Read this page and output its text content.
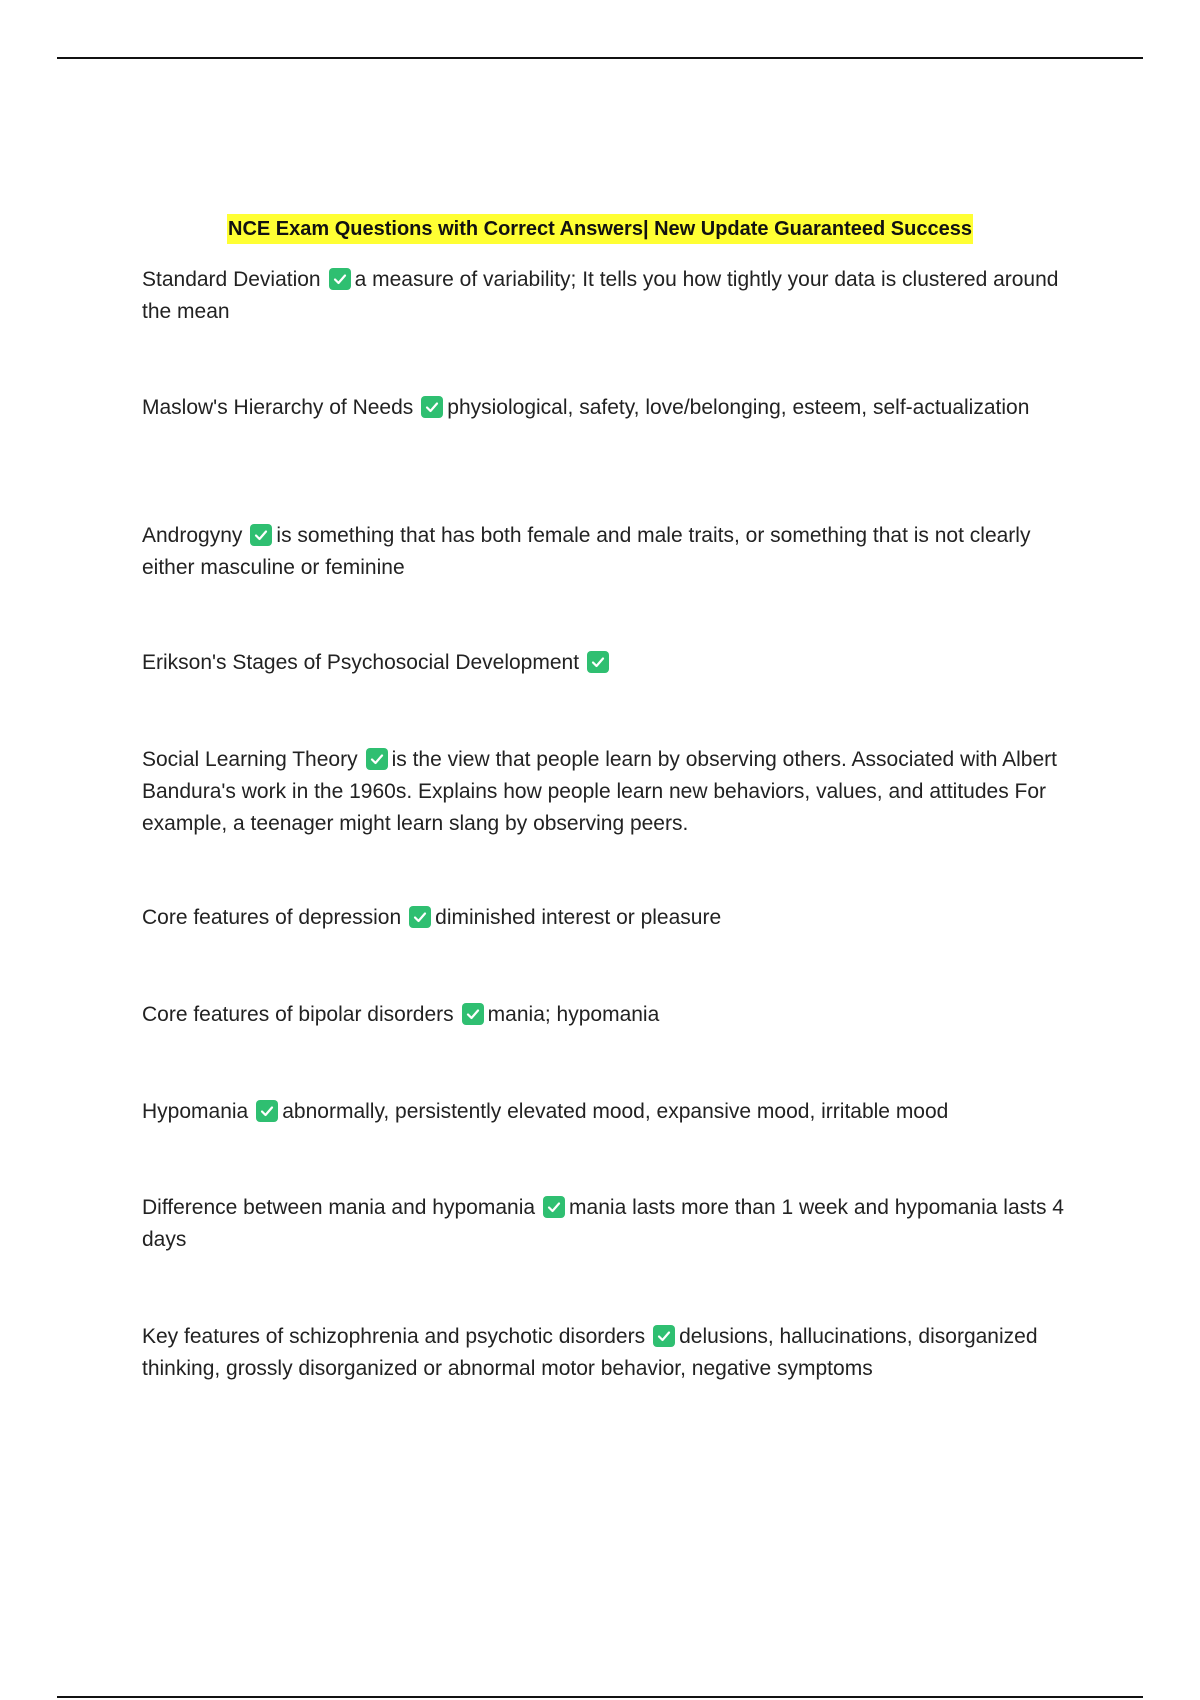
NCE Exam Questions with Correct Answers| New Update Guaranteed Success
Standard Deviation a measure of variability; It tells you how tightly your data is clustered around the mean
Maslow's Hierarchy of Needs physiological, safety, love/belonging, esteem, self-actualization
Androgyny is something that has both female and male traits, or something that is not clearly either masculine or feminine
Erikson's Stages of Psychosocial Development
Social Learning Theory is the view that people learn by observing others. Associated with Albert Bandura's work in the 1960s. Explains how people learn new behaviors, values, and attitudes For example, a teenager might learn slang by observing peers.
Core features of depression diminished interest or pleasure
Core features of bipolar disorders mania; hypomania
Hypomania abnormally, persistently elevated mood, expansive mood, irritable mood
Difference between mania and hypomania mania lasts more than 1 week and hypomania lasts 4 days
Key features of schizophrenia and psychotic disorders delusions, hallucinations, disorganized thinking, grossly disorganized or abnormal motor behavior, negative symptoms
